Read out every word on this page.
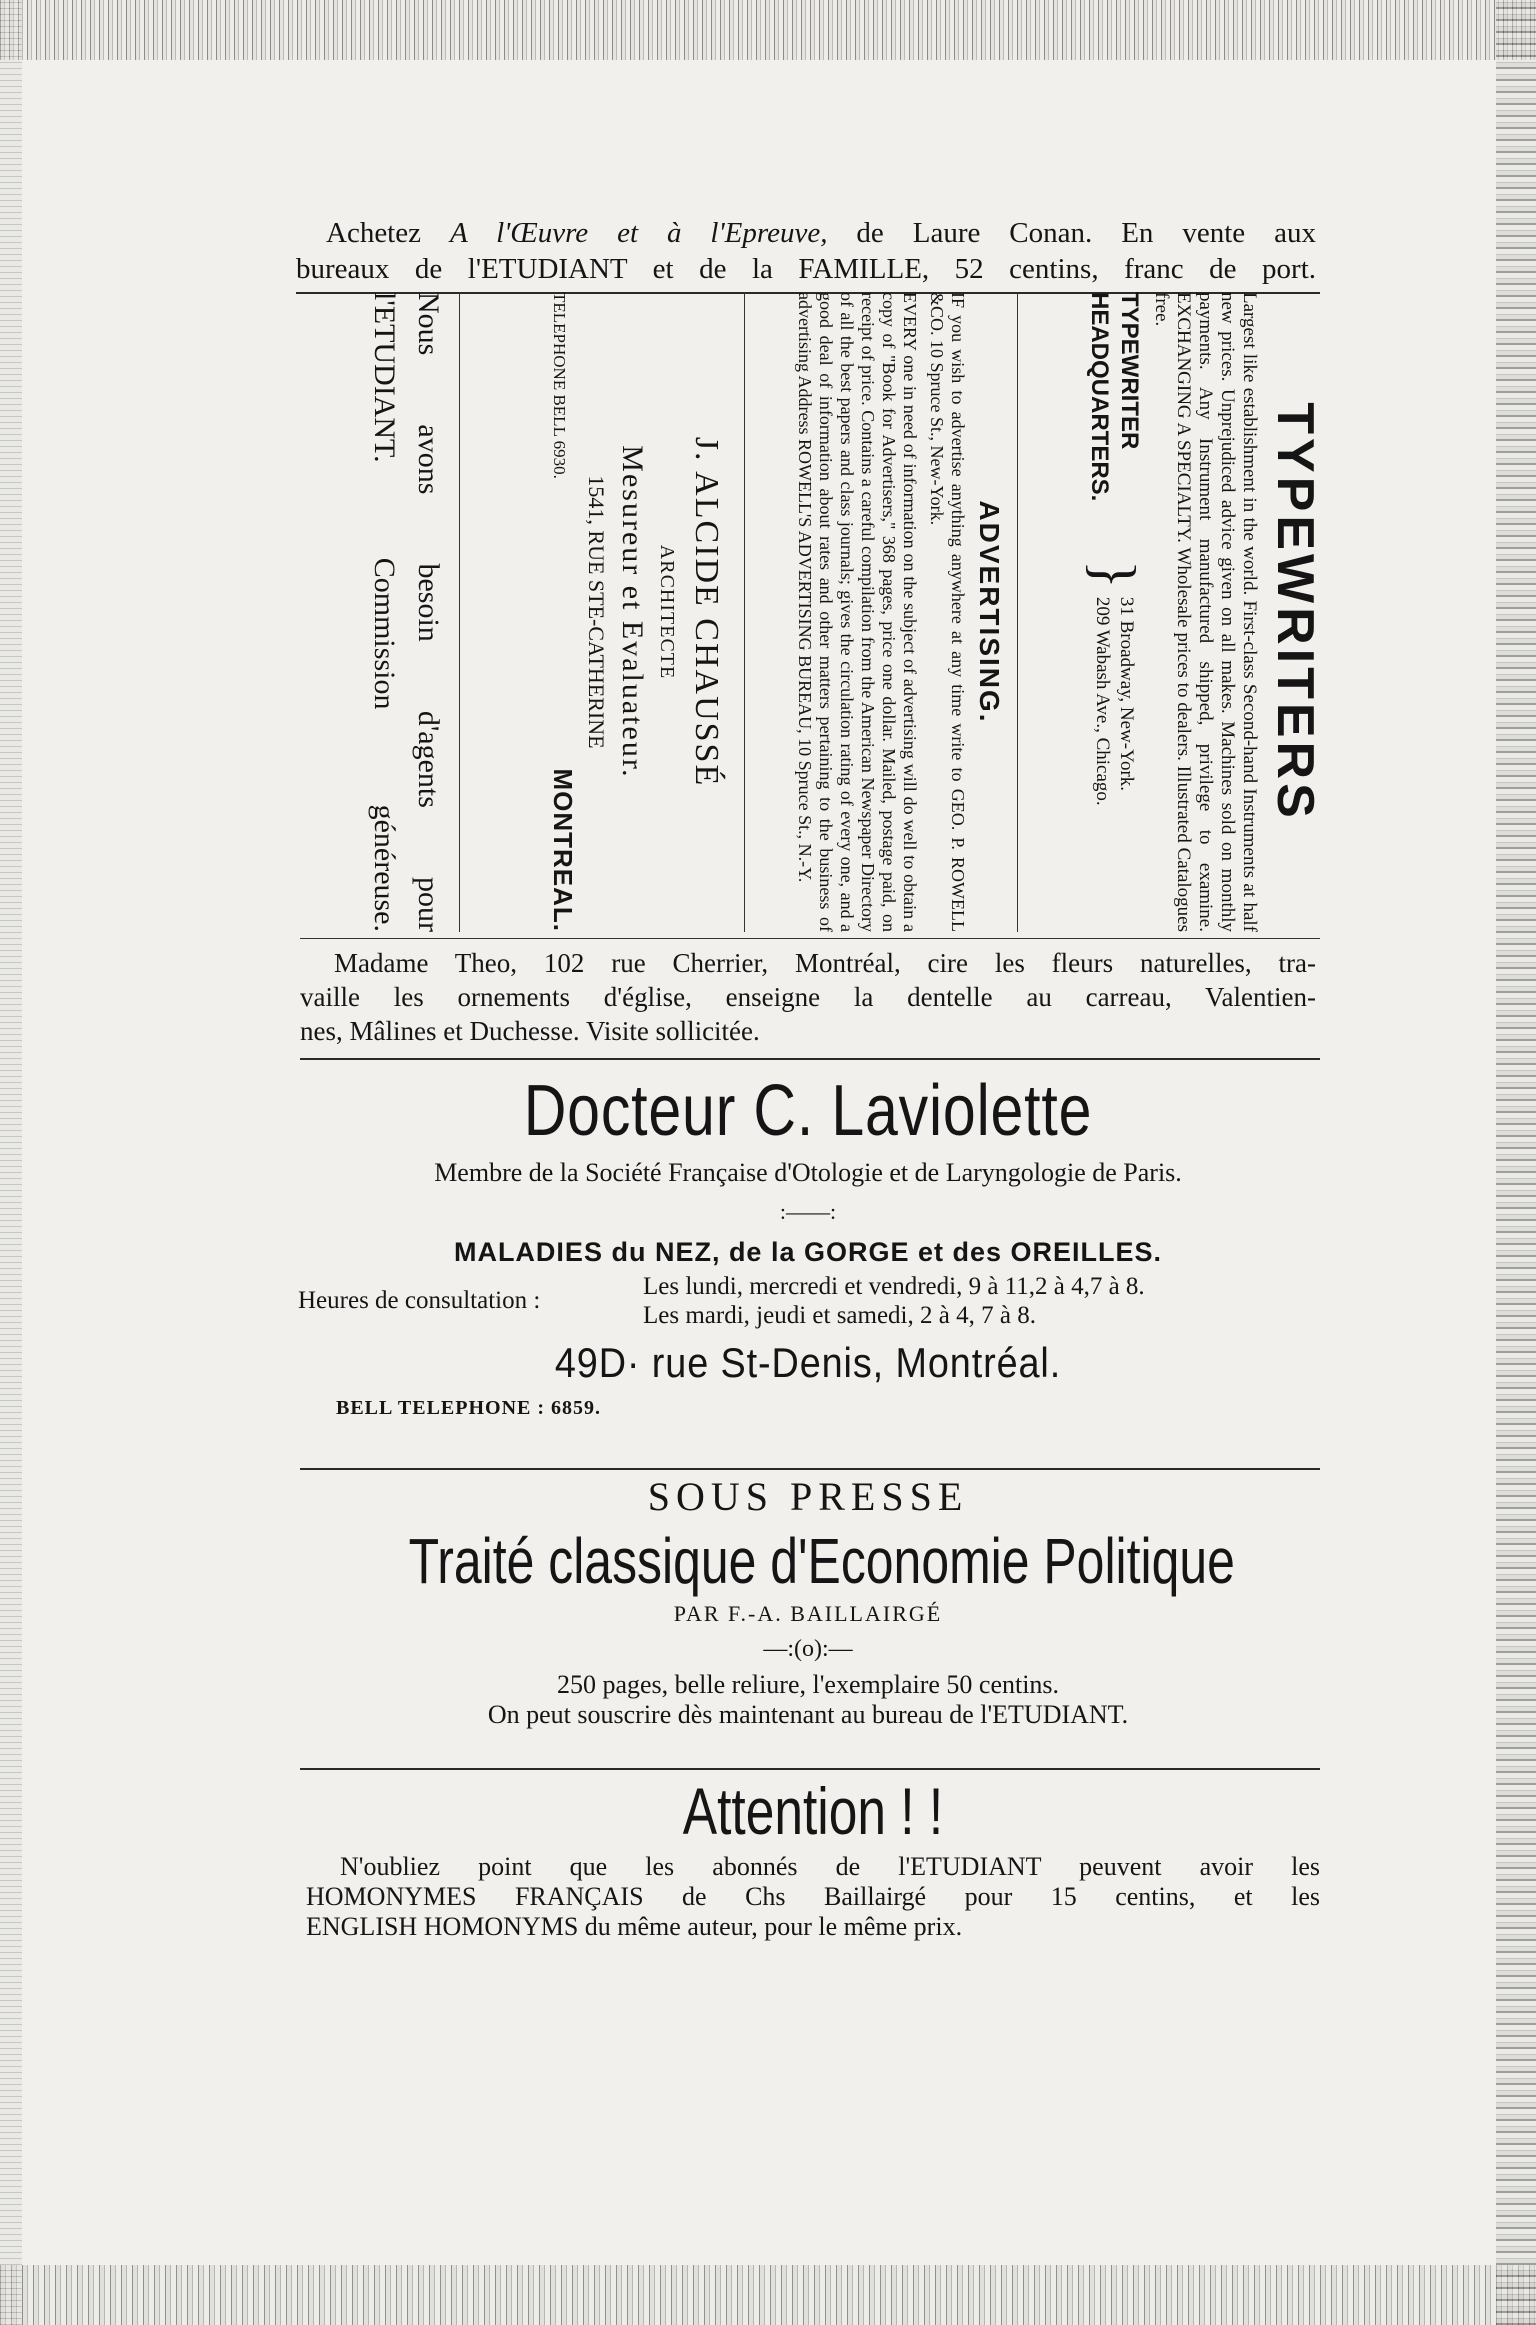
Achetez A l'Œuvre et à l'Epreuve, de Laure Conan. En vente aux
bureaux de l'ETUDIANT et de la FAMILLE, 52 centins, franc de port.
TYPEWRITERS
Largest like establishment in the world. First-class Second-hand Instruments at half new prices. Unprejudiced advice given on all makes. Machines sold on monthly payments. Any Instrument manufactured shipped, privilege to examine. EXCHANGING A SPECIALTY. Wholesale prices to dealers. Illustrated Catalogues free.
TYPEWRITER
HEADQUARTERS.
}
31 Broadway, New-York.
209 Wabash Ave., Chicago.
ADVERTISING.
IF you wish to advertise anything anywhere at any time write to GEO. P. ROWELL &CO. 10 Spruce St., New-York.
EVERY one in need of information on the subject of advertising will do well to obtain a copy of "Book for Advertisers," 368 pages, price one dollar. Mailed, postage paid, on receipt of price. Contains a careful compilation from the American Newspaper Directory of all the best papers and class journals; gives the circulation rating of every one, and a good deal of information about rates and other matters pertaining to the business of advertising Address ROWELL'S ADVERTISING BUREAU, 10 Spruce St., N.-Y.
J. ALCIDE CHAUSSÉ
ARCHITECTE
Mesureur et Evaluateur.
1541, RUE STE-CATHERINE
TELEPHONE BELL 6930.
MONTREAL.
Nous avons besoin d'agents pour
l'ETUDIANT. Commission généreuse.
Madame Theo, 102 rue Cherrier, Montréal, cire les fleurs naturelles, tra-
vaille les ornements d'église, enseigne la dentelle au carreau, Valentien-
nes, Mâlines et Duchesse. Visite sollicitée.
Docteur C. Laviolette
Membre de la Société Française d'Otologie et de Laryngologie de Paris.
:——:
MALADIES du NEZ, de la GORGE et des OREILLES.
Heures de consultation :
Les lundi, mercredi et vendredi, 9 à 11,2 à 4,7 à 8.
Les mardi, jeudi et samedi, 2 à 4, 7 à 8.
49D· rue St-Denis, Montréal.
BELL TELEPHONE : 6859.
SOUS PRESSE
Traité classique d'Economie Politique
PAR F.-A. BAILLAIRGÉ
—:(o):—
250 pages, belle reliure, l'exemplaire 50 centins.
On peut souscrire dès maintenant au bureau de l'ETUDIANT.
Attention ! !
N'oubliez point que les abonnés de l'ETUDIANT peuvent avoir les
HOMONYMES FRANÇAIS de Chs Baillairgé pour 15 centins, et les
ENGLISH HOMONYMS du même auteur, pour le même prix.
